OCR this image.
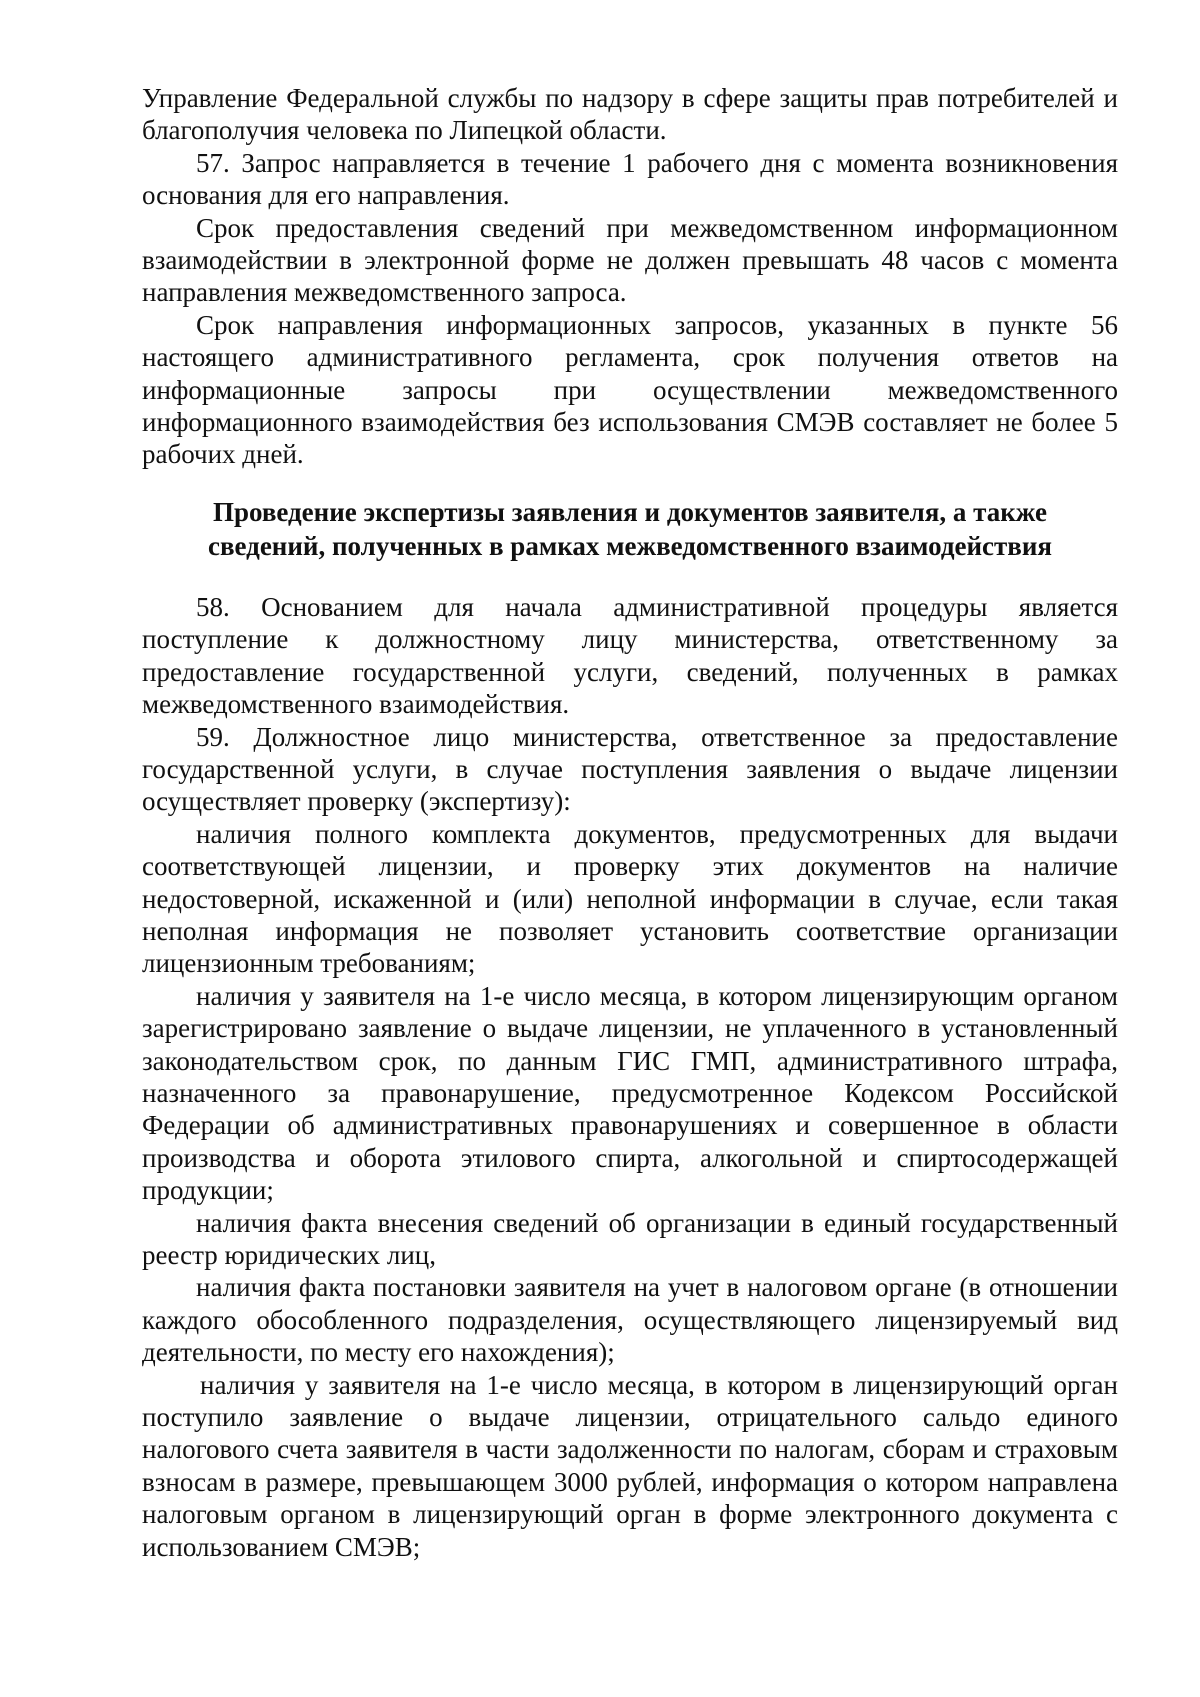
Управление Федеральной службы по надзору в сфере защиты прав потребителей и благополучия человека по Липецкой области.

57. Запрос направляется в течение 1 рабочего дня с момента возникновения основания для его направления.

Срок предоставления сведений при межведомственном информационном взаимодействии в электронной форме не должен превышать 48 часов с момента направления межведомственного запроса.

Срок направления информационных запросов, указанных в пункте 56 настоящего административного регламента, срок получения ответов на информационные запросы при осуществлении межведомственного информационного взаимодействия без использования СМЭВ составляет не более 5 рабочих дней.

Проведение экспертизы заявления и документов заявителя, а также
сведений, полученных в рамках межведомственного взаимодействия

58. Основанием для начала административной процедуры является поступление к должностному лицу министерства, ответственному за предоставление государственной услуги, сведений, полученных в рамках межведомственного взаимодействия.

59. Должностное лицо министерства, ответственное за предоставление государственной услуги, в случае поступления заявления о выдаче лицензии осуществляет проверку (экспертизу):

наличия полного комплекта документов, предусмотренных для выдачи соответствующей лицензии, и проверку этих документов на наличие недостоверной, искаженной и (или) неполной информации в случае, если такая неполная информация не позволяет установить соответствие организации лицензионным требованиям;

наличия у заявителя на 1-е число месяца, в котором лицензирующим органом зарегистрировано заявление о выдаче лицензии, не уплаченного в установленный законодательством срок, по данным ГИС ГМП, административного штрафа, назначенного за правонарушение, предусмотренное Кодексом Российской Федерации об административных правонарушениях и совершенное в области производства и оборота этилового спирта, алкогольной и спиртосодержащей продукции;

наличия факта внесения сведений об организации в единый государственный реестр юридических лиц,

наличия факта постановки заявителя на учет в налоговом органе (в отношении каждого обособленного подразделения, осуществляющего лицензируемый вид деятельности, по месту его нахождения);

наличия у заявителя на 1-е число месяца, в котором в лицензирующий орган поступило заявление о выдаче лицензии, отрицательного сальдо единого налогового счета заявителя в части задолженности по налогам, сборам и страховым взносам в размере, превышающем 3000 рублей, информация о котором направлена налоговым органом в лицензирующий орган в форме электронного документа с использованием СМЭВ;
